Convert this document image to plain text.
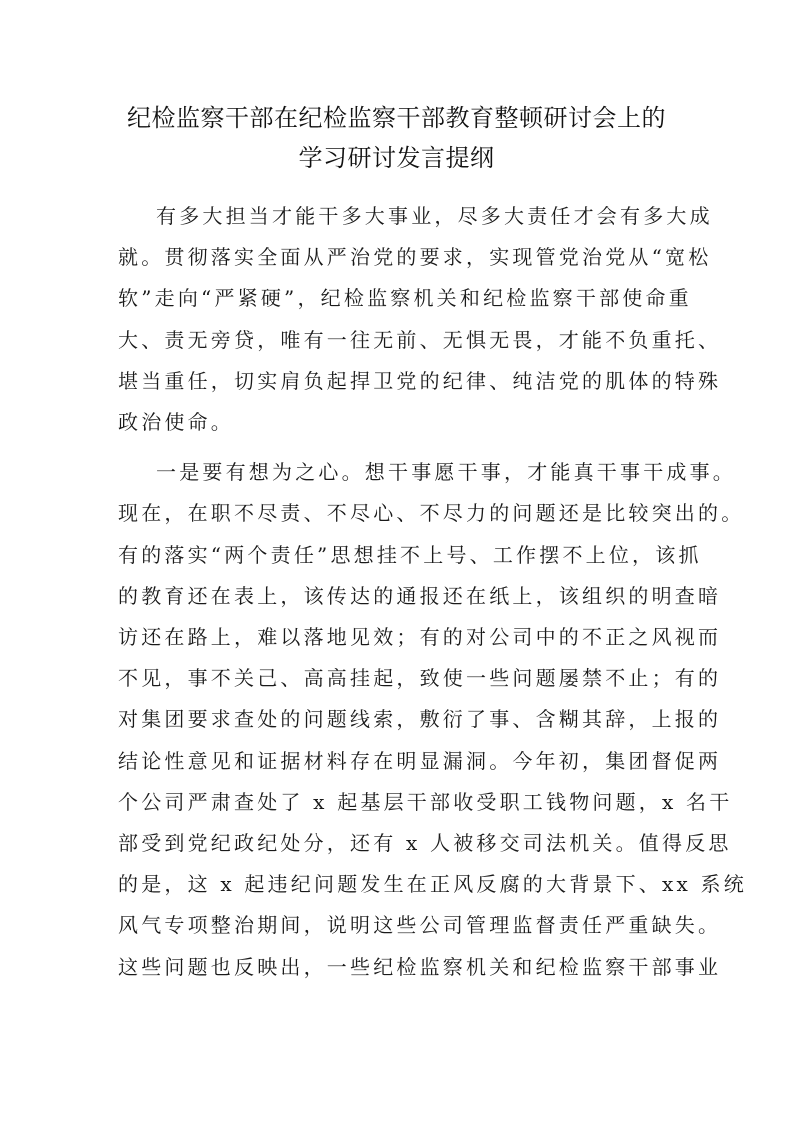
纪检监察干部在纪检监察干部教育整顿研讨会上的
学习研讨发言提纲
有多大担当才能干多大事业，尽多大责任才会有多大成
就。贯彻落实全面从严治党的要求，实现管党治党从“宽松
软”走向“严紧硬”，纪检监察机关和纪检监察干部使命重
大、责无旁贷，唯有一往无前、无惧无畏，才能不负重托、
堪当重任，切实肩负起捍卫党的纪律、纯洁党的肌体的特殊
政治使命。
一是要有想为之心。想干事愿干事，才能真干事干成事。
现在，在职不尽责、不尽心、不尽力的问题还是比较突出的。
有的落实“两个责任”思想挂不上号、工作摆不上位，该抓
的教育还在表上，该传达的通报还在纸上，该组织的明查暗
访还在路上，难以落地见效；有的对公司中的不正之风视而
不见，事不关己、高高挂起，致使一些问题屡禁不止；有的
对集团要求查处的问题线索，敷衍了事、含糊其辞，上报的
结论性意见和证据材料存在明显漏洞。今年初，集团督促两
个公司严肃查处了 x 起基层干部收受职工钱物问题，x 名干
部受到党纪政纪处分，还有 x 人被移交司法机关。值得反思
的是，这 x 起违纪问题发生在正风反腐的大背景下、xx 系统
风气专项整治期间，说明这些公司管理监督责任严重缺失。
这些问题也反映出，一些纪检监察机关和纪检监察干部事业
